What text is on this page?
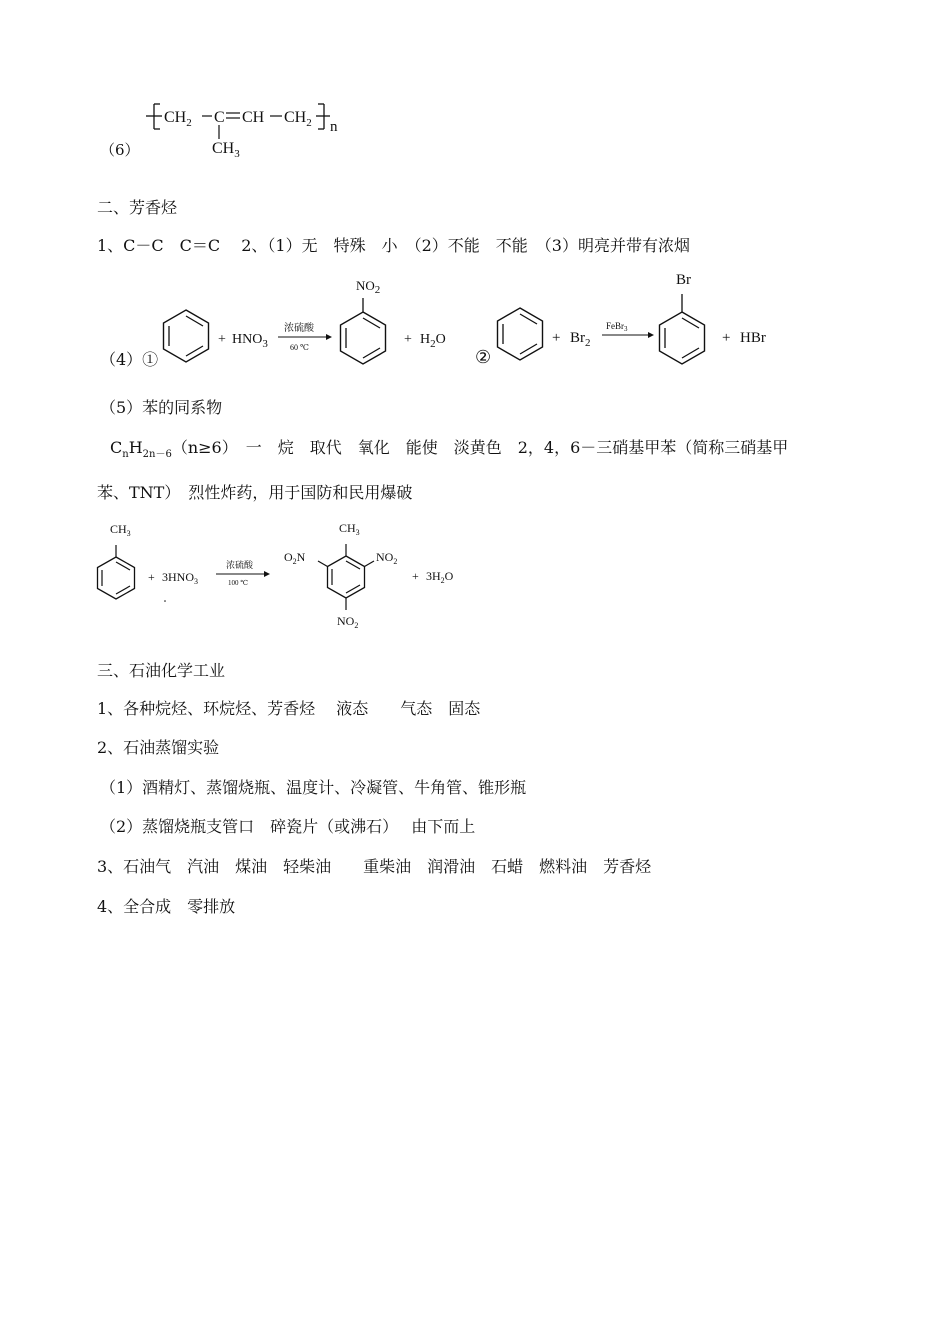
（6）
$CH_2$ C CH $CH_2$ n
$CH_3$
二、芳香烃
1、C－C　C＝C　 2、（1）无　特殊　小　（2）不能　不能　（3）明亮并带有浓烟
（4）①
+ $HNO_3$
浓硫酸
60 ℃
$NO_2$
+ $H_2O$
②
+ $Br_2$
FeBr$_3$
Br
+ HBr
（5）苯的同系物
$C_nH_{2n-6}(n\ge 6)$　一　烷　取代　氧化　能使　淡黄色　2，4，6－三硝基甲苯（简称三硝基甲
苯、TNT）　烈性炸药，用于国防和民用爆破
$CH_3$
+ $3HNO_3$
浓硫酸
100 ℃
$CH_3$
$O_2N$	$NO_2$
$NO_2$
+ $3H_2O$
三、石油化学工业
1、各种烷烃、环烷烃、芳香烃　 液态　　气态　固态
2、石油蒸馏实验
（1）酒精灯、蒸馏烧瓶、温度计、冷凝管、牛角管、锥形瓶
（2）蒸馏烧瓶支管口　碎瓷片（或沸石）　 由下而上
3、石油气　汽油　煤油　轻柴油　　重柴油　润滑油　石蜡　燃料油　芳香烃
4、全合成　零排放
